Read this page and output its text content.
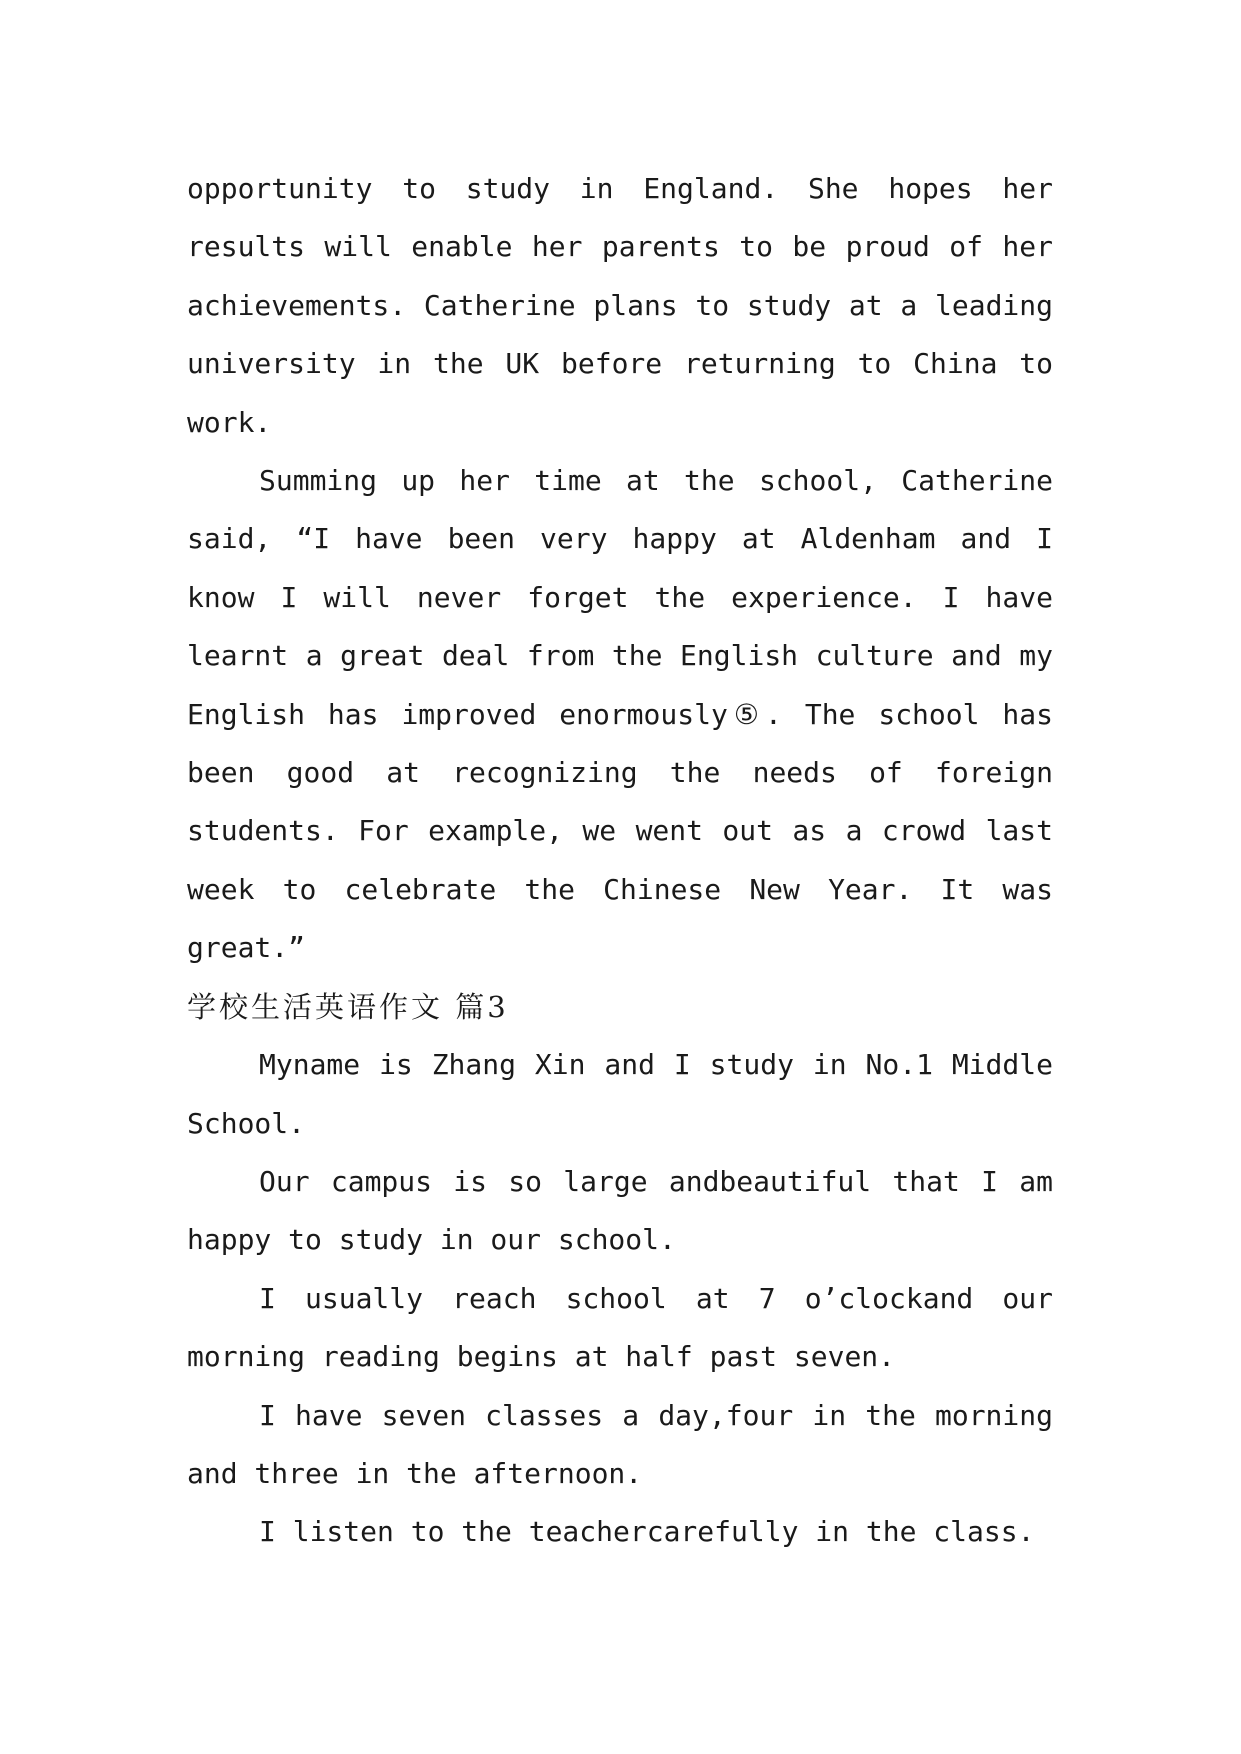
opportunity to study in England. She hopes her results will enable her parents to be proud of her achievements. Catherine plans to study at a leading university in the UK before returning to China to work.

Summing up her time at the school, Catherine said, “I have been very happy at Aldenham and I know I will never forget the experience. I have learnt a great deal from the English culture and my English has improved enormously⑤. The school has been good at recognizing the needs of foreign students. For example, we went out as a crowd last week to celebrate the Chinese New Year. It was great.”

学校生活英语作文 篇3

Myname is Zhang Xin and I study in No.1 Middle School.

Our campus is so large andbeautiful that I am happy to study in our school.

I usually reach school at 7 o’clockand our morning reading begins at half past seven.

I have seven classes a day,four in the morning and three in the afternoon.

I listen to the teachercarefully in the class.
